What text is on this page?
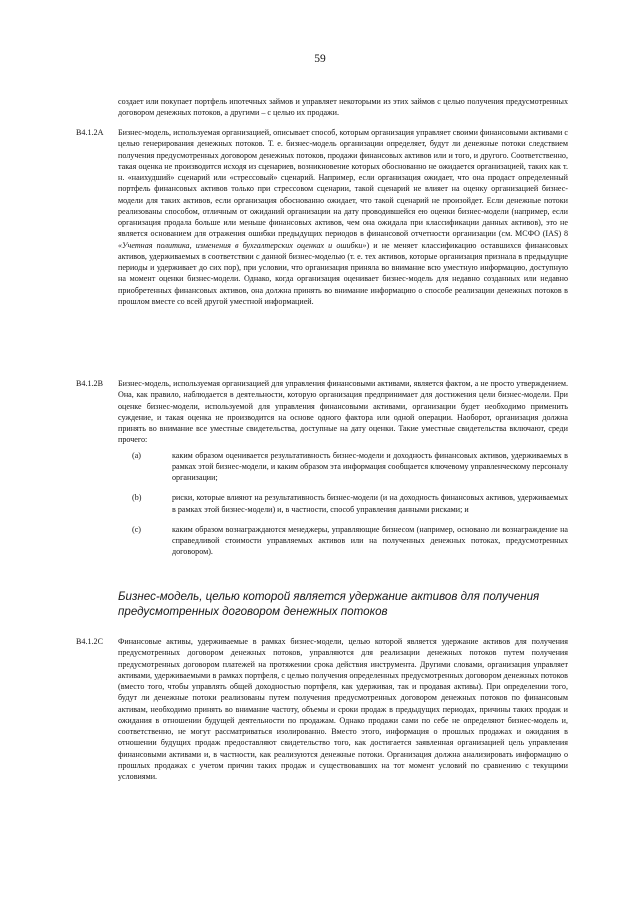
59
создает или покупает портфель ипотечных займов и управляет некоторыми из этих займов с целью получения предусмотренных договором денежных потоков, а другими – с целью их продажи.
B4.1.2A	Бизнес-модель, используемая организацией, описывает способ, которым организация управляет своими финансовыми активами с целью генерирования денежных потоков. Т. е. бизнес-модель организации определяет, будут ли денежные потоки следствием получения предусмотренных договором денежных потоков, продажи финансовых активов или и того, и другого. Соответственно, такая оценка не производится исходя из сценариев, возникновение которых обоснованно не ожидается организацией, таких как т. н. «наихудший» сценарий или «стрессовый» сценарий. Например, если организация ожидает, что она продаст определенный портфель финансовых активов только при стрессовом сценарии, такой сценарий не влияет на оценку организацией бизнес-модели для таких активов, если организация обоснованно ожидает, что такой сценарий не произойдет. Если денежные потоки реализованы способом, отличным от ожиданий организации на дату проводившейся ею оценки бизнес-модели (например, если организация продала больше или меньше финансовых активов, чем она ожидала при классификации данных активов), это не является основанием для отражения ошибки предыдущих периодов в финансовой отчетности организации (см. МСФО (IAS) 8 «Учетная политика, изменения в бухгалтерских оценках и ошибки») и не меняет классификацию оставшихся финансовых активов, удерживаемых в соответствии с данной бизнес-моделью (т. е. тех активов, которые организация признала в предыдущие периоды и удерживает до сих пор), при условии, что организация приняла во внимание всю уместную информацию, доступную на момент оценки бизнес-модели. Однако, когда организация оценивает бизнес-модель для недавно созданных или недавно приобретенных финансовых активов, она должна принять во внимание информацию о способе реализации денежных потоков в прошлом вместе со всей другой уместной информацией.
B4.1.2B	Бизнес-модель, используемая организацией для управления финансовыми активами, является фактом, а не просто утверждением. Она, как правило, наблюдается в деятельности, которую организация предпринимает для достижения цели бизнес-модели. При оценке бизнес-модели, используемой для управления финансовыми активами, организации будет необходимо применить суждение, и такая оценка не производится на основе одного фактора или одной операции. Наоборот, организация должна принять во внимание все уместные свидетельства, доступные на дату оценки. Такие уместные свидетельства включают, среди прочего:
(a)	каким образом оценивается результативность бизнес-модели и доходность финансовых активов, удерживаемых в рамках этой бизнес-модели, и каким образом эта информация сообщается ключевому управленческому персоналу организации;
(b)	риски, которые влияют на результативность бизнес-модели (и на доходность финансовых активов, удерживаемых в рамках этой бизнес-модели) и, в частности, способ управления данными рисками; и
(c)	каким образом вознаграждаются менеджеры, управляющие бизнесом (например, основано ли вознаграждение на справедливой стоимости управляемых активов или на полученных денежных потоках, предусмотренных договором).
Бизнес-модель, целью которой является удержание активов для получения предусмотренных договором денежных потоков
B4.1.2C	Финансовые активы, удерживаемые в рамках бизнес-модели, целью которой является удержание активов для получения предусмотренных договором денежных потоков, управляются для реализации денежных потоков путем получения предусмотренных договором платежей на протяжении срока действия инструмента. Другими словами, организация управляет активами, удерживаемыми в рамках портфеля, с целью получения определенных предусмотренных договором денежных потоков (вместо того, чтобы управлять общей доходностью портфеля, как удерживая, так и продавая активы). При определении того, будут ли денежные потоки реализованы путем получения предусмотренных договором денежных потоков по финансовым активам, необходимо принять во внимание частоту, объемы и сроки продаж в предыдущих периодах, причины таких продаж и ожидания в отношении будущей деятельности по продажам. Однако продажи сами по себе не определяют бизнес-модель и, соответственно, не могут рассматриваться изолированно. Вместо этого, информация о прошлых продажах и ожидания в отношении будущих продаж предоставляют свидетельство того, как достигается заявленная организацией цель управления финансовыми активами и, в частности, как реализуются денежные потоки. Организация должна анализировать информацию о прошлых продажах с учетом причин таких продаж и существовавших на тот момент условий по сравнению с текущими условиями.
